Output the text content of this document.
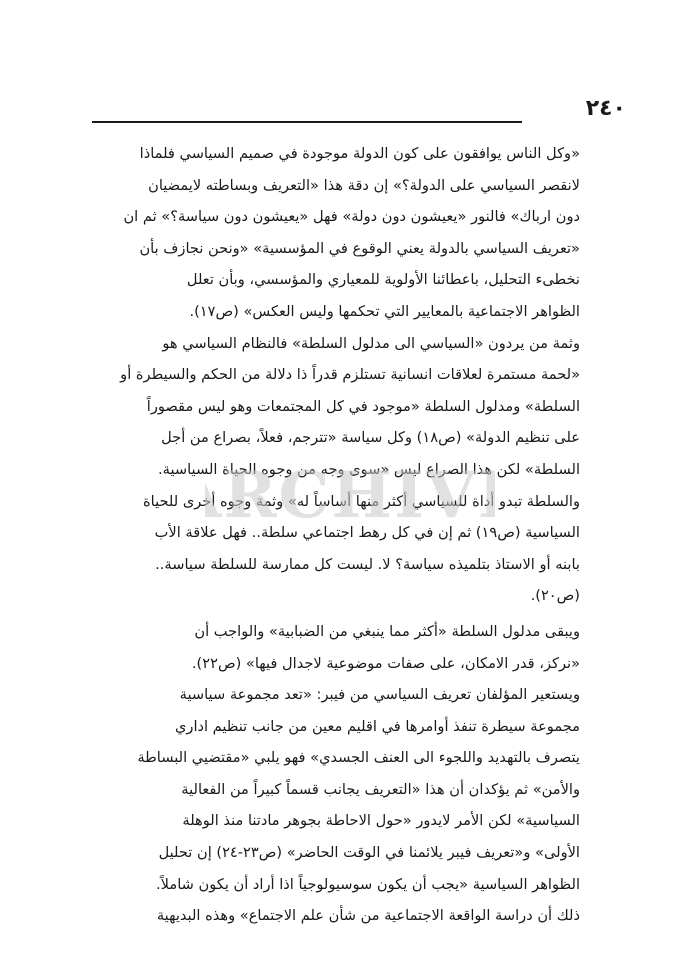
٢٤٠
«وكل الناس يوافقون على كون الدولة موجودة في صميم السياسي فلماذا
لانقصر السياسي على الدولة؟» إن دقة هذا «التعريف وبساطته لايمضيان
دون ارباك» فالنور «يعيشون دون دولة» فهل «يعيشون دون سياسة؟» ثم ان
«تعريف السياسي بالدولة يعني الوقوع في المؤسسية» «ونحن نجازف بأن
نخطىء التحليل، باعطائنا الأولوية للمعياري والمؤسسي، وبأن تعلل
الظواهر الاجتماعية بالمعايير التي تحكمها وليس العكس» (ص١٧).
وثمة من يردون «السياسي الى مدلول السلطة» فالنظام السياسي هو
«لحمة مستمرة لعلاقات انسانية تستلزم قدراً ذا دلالة من الحكم والسيطرة أو
السلطة» ومدلول السلطة «موجود في كل المجتمعات وهو ليس مقصوراً
على تنظيم الدولة» (ص١٨) وكل سياسة «تترجم، فعلاً، بصراع من أجل
السلطة» لكن هذا الصراع ليس «سوى وجه من وجوه الحياة السياسية.
والسلطة تبدو أداة للسياسي أكثر منها أساساً له» وثمة وجوه أخرى للحياة
السياسية (ص١٩) ثم إن في كل رهط اجتماعي سلطة.. فهل علاقة الأب
بابنه أو الاستاذ بتلميذه سياسة؟ لا. ليست كل ممارسة للسلطة سياسة..
(ص٢٠).
ويبقى مدلول السلطة «أكثر مما ينبغي من الضبابية» والواجب أن
«نركز، قدر الامكان، على صفات موضوعية لاجدال فيها» (ص٢٢).
ويستعير المؤلفان تعريف السياسي من فيبر: «تعد مجموعة سياسية
مجموعة سيطرة تنفذ أوامرها في اقليم معين من جانب تنظيم اداري
يتصرف بالتهديد واللجوء الى العنف الجسدي» فهو يلبي «مقتضيي البساطة
والأمن» ثم يؤكدان أن هذا «التعريف يجانب قسماً كبيراً من الفعالية
السياسية» لكن الأمر لايدور «حول الاحاطة بجوهر مادتنا منذ الوهلة
الأولى» و«تعريف فيبر يلائمنا في الوقت الحاضر» (ص٢٣-٢٤) إن تحليل
الظواهر السياسية «يجب أن يكون سوسيولوجياً اذا أراد أن يكون شاملاً.
ذلك أن دراسة الواقعة الاجتماعية من شأن علم الاجتماع» وهذه البديهية
RCHIV
